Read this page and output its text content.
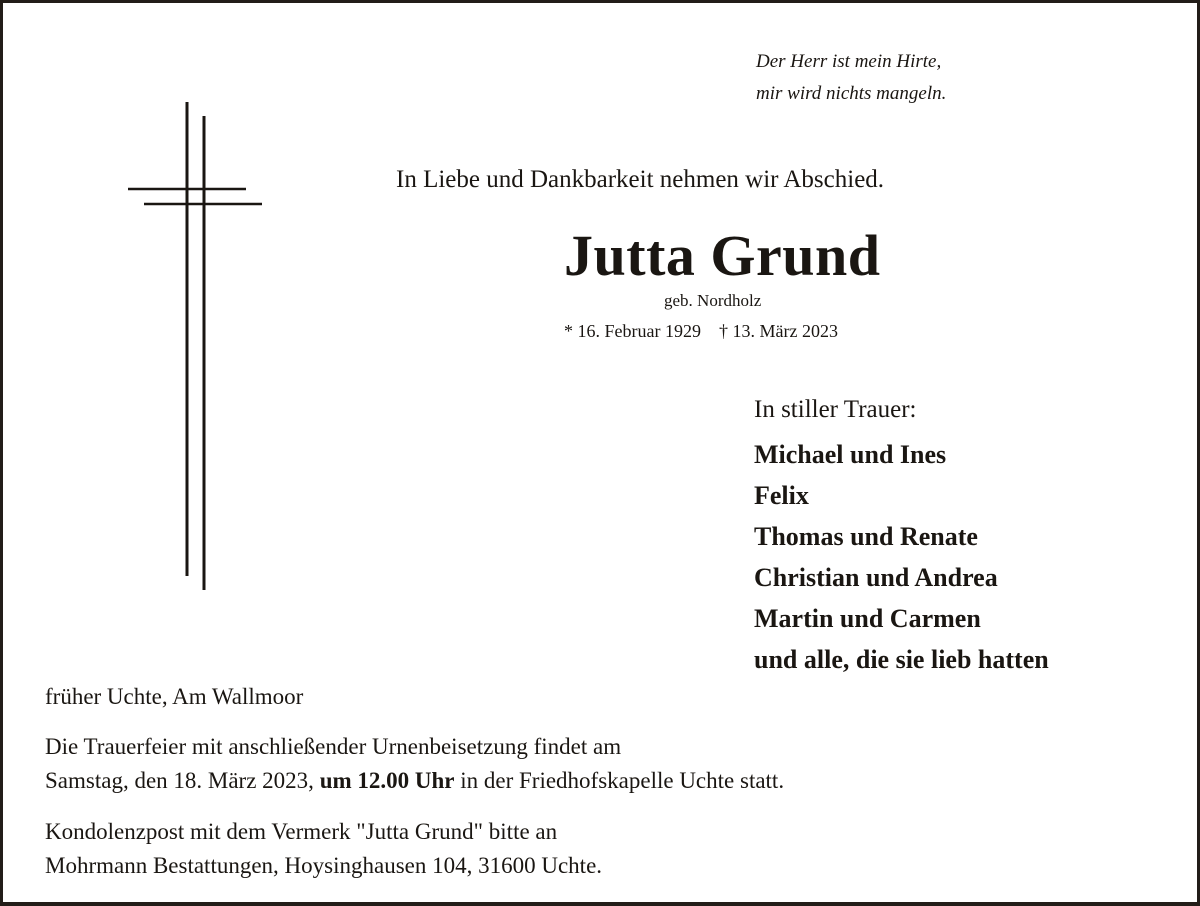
Der Herr ist mein Hirte,
mir wird nichts mangeln.
In Liebe und Dankbarkeit nehmen wir Abschied.
Jutta Grund
geb. Nordholz
* 16. Februar 1929 † 13. März 2023
In stiller Trauer:
Michael und Ines
Felix
Thomas und Renate
Christian und Andrea
Martin und Carmen
und alle, die sie lieb hatten
früher Uchte, Am Wallmoor
Die Trauerfeier mit anschließender Urnenbeisetzung findet am
Samstag, den 18. März 2023, um 12.00 Uhr in der Friedhofskapelle Uchte statt.
Kondolenzpost mit dem Vermerk "Jutta Grund" bitte an
Mohrmann Bestattungen, Hoysinghausen 104, 31600 Uchte.
